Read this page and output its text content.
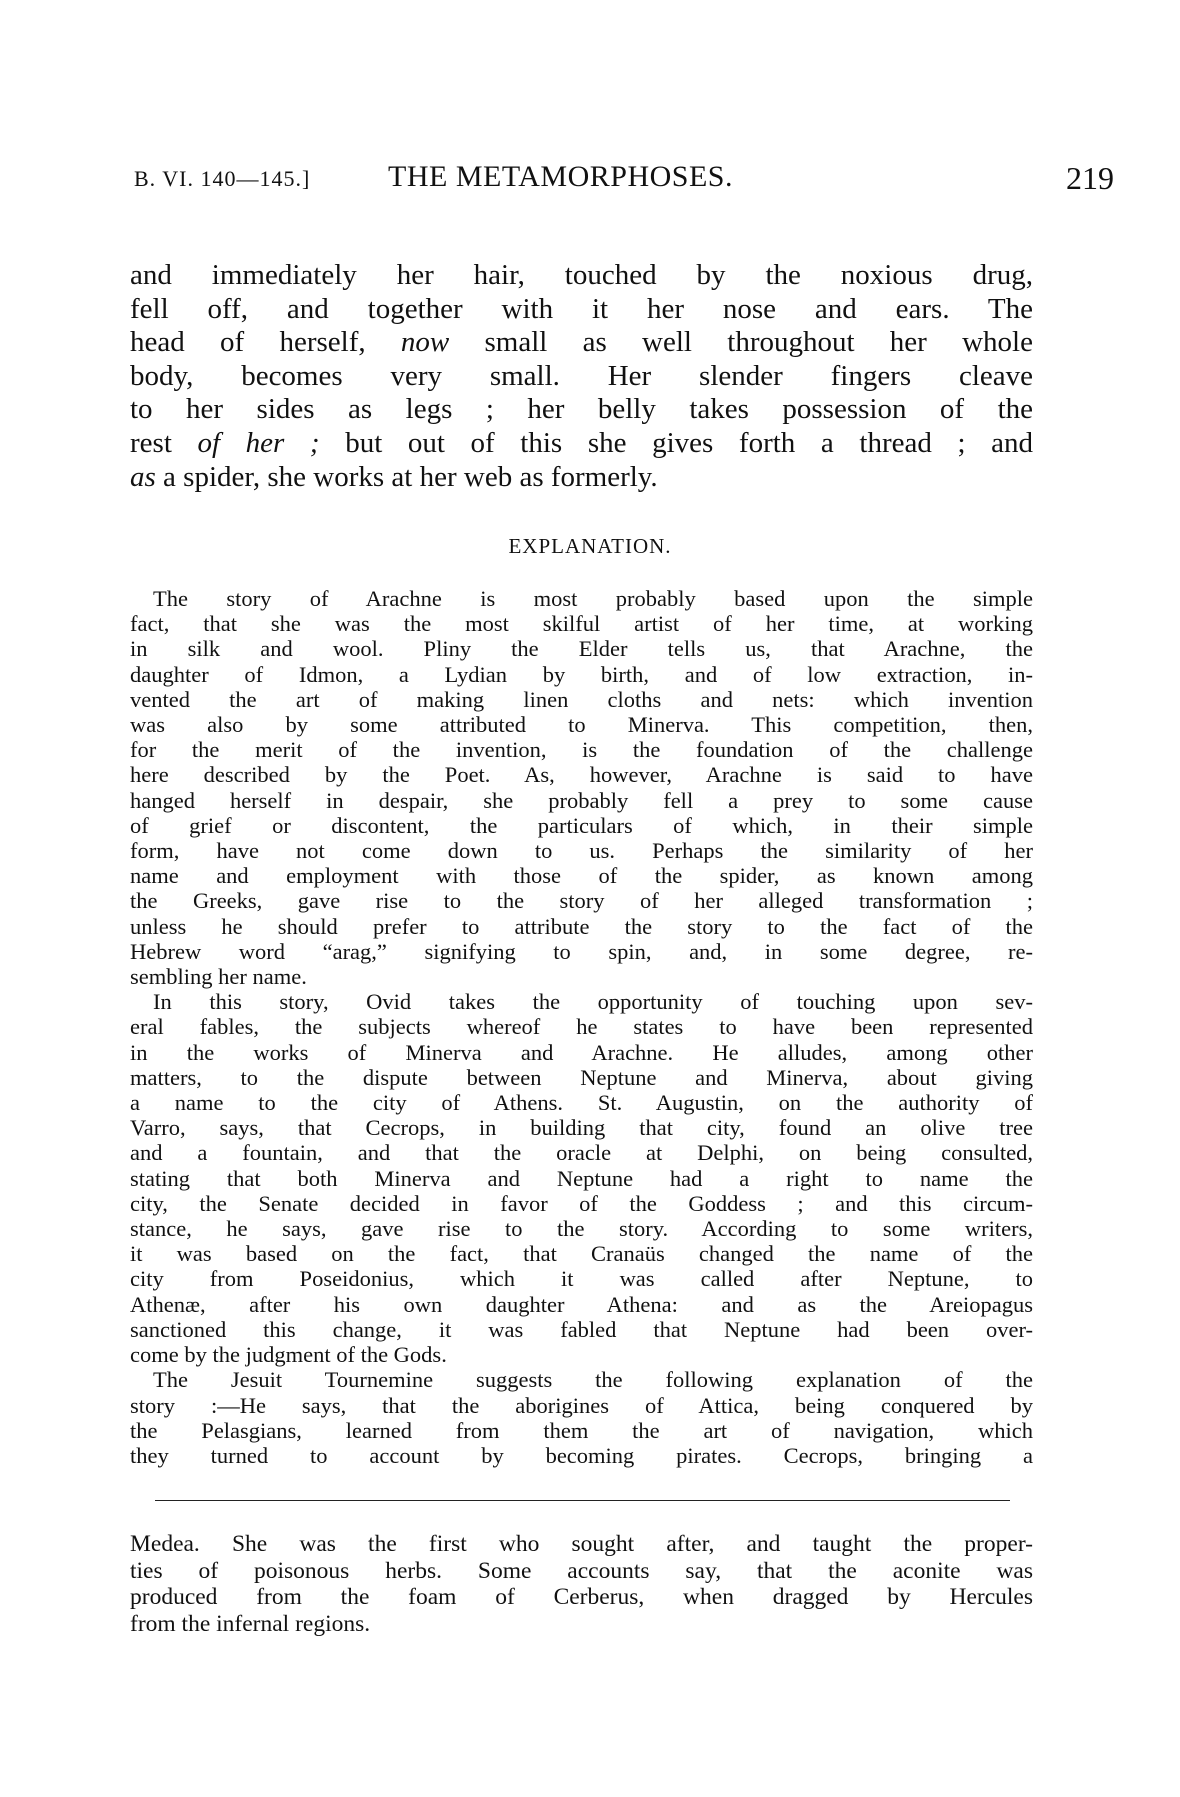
B. VI. 140—145.]	THE METAMORPHOSES.	219
and immediately her hair, touched by the noxious drug,
fell off, and together with it her nose and ears. The
head of herself, now small as well throughout her whole
body, becomes very small. Her slender fingers cleave
to her sides as legs ; her belly takes possession of the
rest of her ; but out of this she gives forth a thread ; and
as a spider, she works at her web as formerly.
EXPLANATION.
The story of Arachne is most probably based upon the simple
fact, that she was the most skilful artist of her time, at working
in silk and wool. Pliny the Elder tells us, that Arachne, the
daughter of Idmon, a Lydian by birth, and of low extraction, in-
vented the art of making linen cloths and nets: which invention
was also by some attributed to Minerva. This competition, then,
for the merit of the invention, is the foundation of the challenge
here described by the Poet. As, however, Arachne is said to have
hanged herself in despair, she probably fell a prey to some cause
of grief or discontent, the particulars of which, in their simple
form, have not come down to us. Perhaps the similarity of her
name and employment with those of the spider, as known among
the Greeks, gave rise to the story of her alleged transformation ;
unless he should prefer to attribute the story to the fact of the
Hebrew word “arag,” signifying to spin, and, in some degree, re-
sembling her name.
In this story, Ovid takes the opportunity of touching upon sev-
eral fables, the subjects whereof he states to have been represented
in the works of Minerva and Arachne. He alludes, among other
matters, to the dispute between Neptune and Minerva, about giving
a name to the city of Athens. St. Augustin, on the authority of
Varro, says, that Cecrops, in building that city, found an olive tree
and a fountain, and that the oracle at Delphi, on being consulted,
stating that both Minerva and Neptune had a right to name the
city, the Senate decided in favor of the Goddess ; and this circum-
stance, he says, gave rise to the story. According to some writers,
it was based on the fact, that Cranaüs changed the name of the
city from Poseidonius, which it was called after Neptune, to
Athenæ, after his own daughter Athena: and as the Areiopagus
sanctioned this change, it was fabled that Neptune had been over-
come by the judgment of the Gods.
The Jesuit Tournemine suggests the following explanation of the
story :—He says, that the aborigines of Attica, being conquered by
the Pelasgians, learned from them the art of navigation, which
they turned to account by becoming pirates. Cecrops, bringing a
Medea. She was the first who sought after, and taught the proper-
ties of poisonous herbs. Some accounts say, that the aconite was
produced from the foam of Cerberus, when dragged by Hercules
from the infernal regions.
